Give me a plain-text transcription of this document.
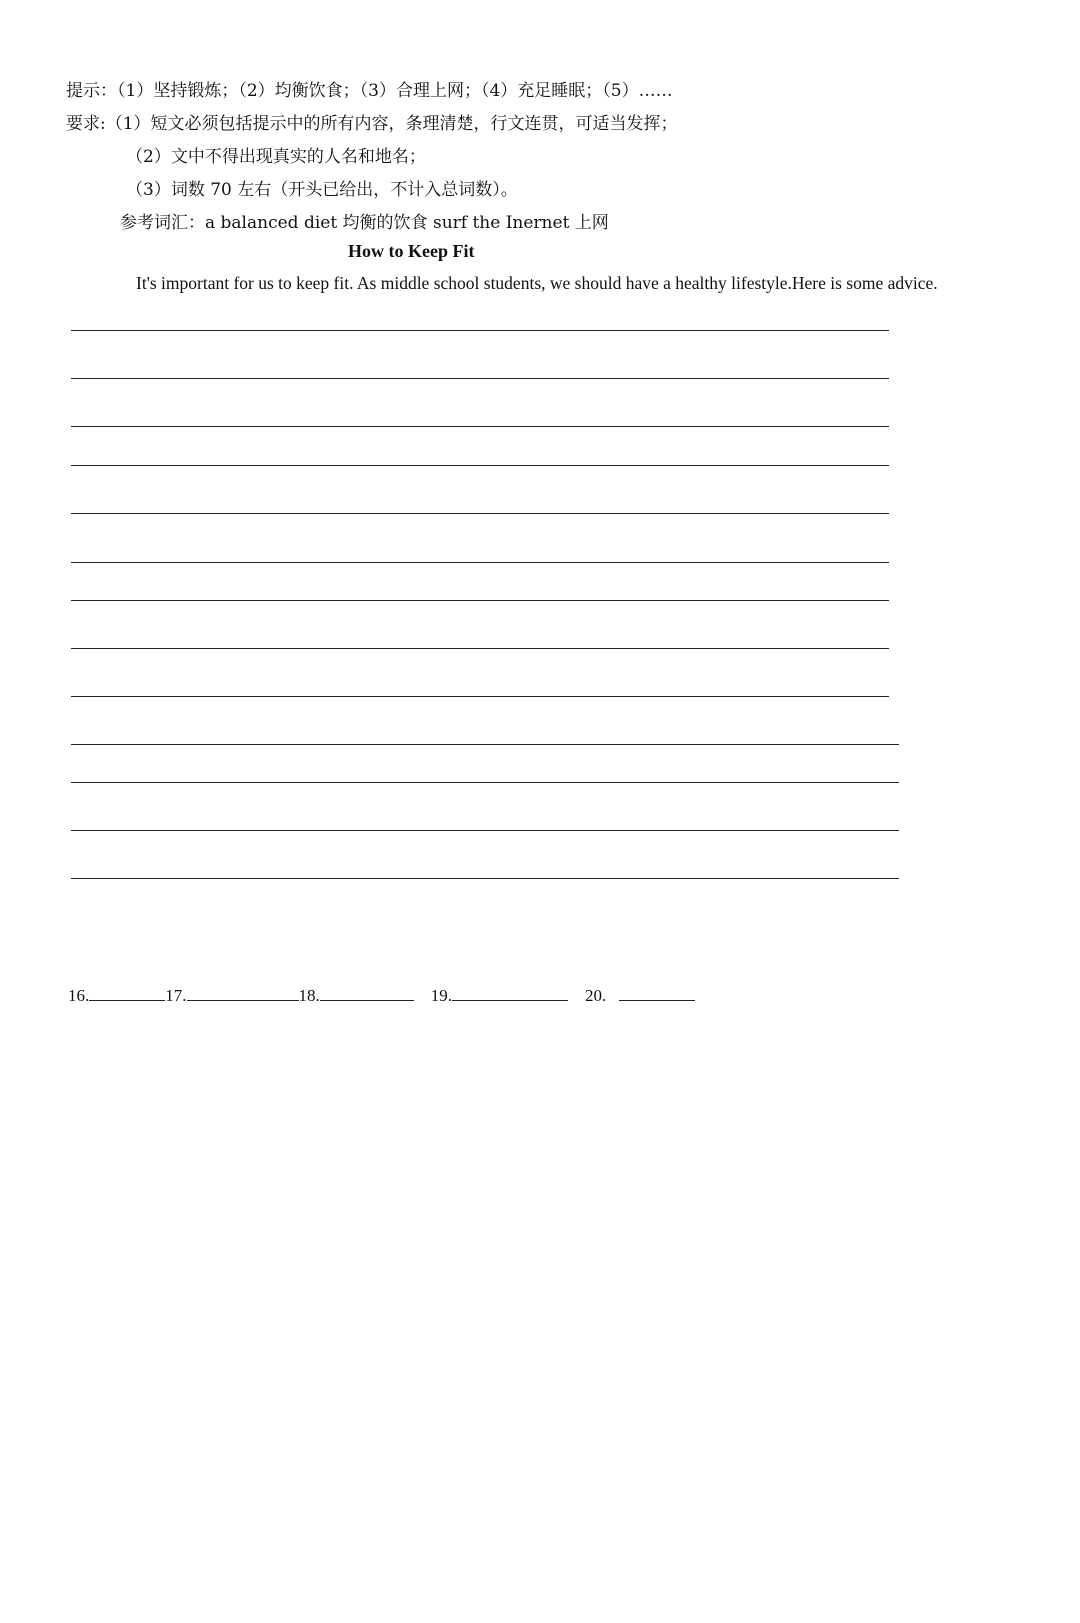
提示：（1）坚持锻炼；（2）均衡饮食；（3）合理上网；（4）充足睡眠；（5）……
要求:（1）短文必须包括提示中的所有内容，条理清楚，行文连贯，可适当发挥；
（2）文中不得出现真实的人名和地名；
（3）词数 70 左右（开头已给出，不计入总词数）。
参考词汇：a balanced diet 均衡的饮食 surf the Inernet 上网
How to Keep Fit
It's important for us to keep fit. As middle school students, we should have a healthy lifestyle.Here is some advice.
16.	17.	18.	19.	20.
